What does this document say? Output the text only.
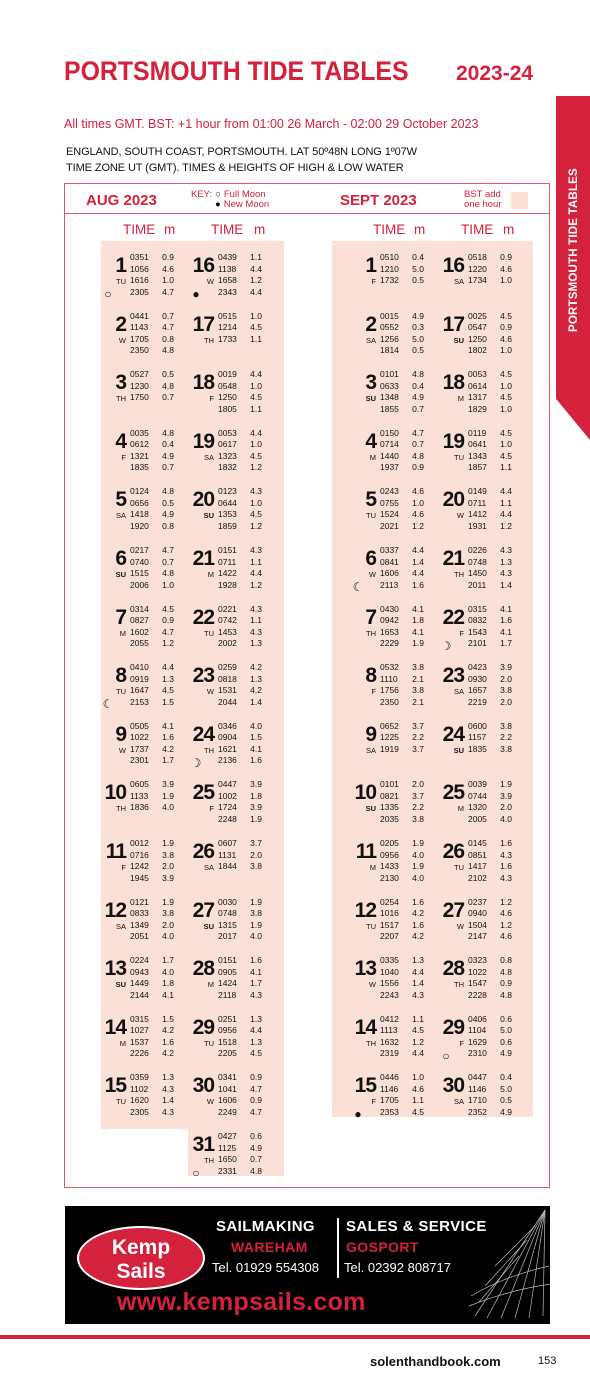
PORTSMOUTH TIDE TABLES 2023-24
All times GMT. BST: +1 hour from 01:00 26 March - 02:00 29 October 2023
ENGLAND, SOUTH COAST, PORTSMOUTH. LAT 50º48N LONG 1º07W
TIME ZONE UT (GMT). TIMES & HEIGHTS OF HIGH & LOW WATER
PORTSMOUTH TIDE TABLES
AUG 2023	SEPT 2023
KEY: ○ Full Moon
● New Moon
BST add
one hour
TIME m	TIME m	TIME m	TIME m
1
TU
○
0351 0.9
1056 4.6
1616 1.0
2305 4.7
2
W
0441 0.7
1143 4.7
1705 0.8
2350 4.8
3
TH
0527 0.5
1230 4.8
1750 0.7
4
F
0035 4.8
0612 0.4
1321 4.9
1835 0.7
5
SA
0124 4.8
0656 0.5
1418 4.9
1920 0.8
6
SU
0217 4.7
0740 0.7
1515 4.8
2006 1.0
7
M
0314 4.5
0827 0.9
1602 4.7
2055 1.2
8
TU
☾
0410 4.4
0919 1.3
1647 4.5
2153 1.5
9
W
0505 4.1
1022 1.6
1737 4.2
2301 1.7
10
TH
0605 3.9
1133 1.9
1836 4.0
11
F
0012 1.9
0716 3.8
1242 2.0
1945 3.9
12
SA
0121 1.9
0833 3.8
1349 2.0
2051 4.0
13
SU
0224 1.7
0943 4.0
1449 1.8
2144 4.1
14
M
0315 1.5
1027 4.2
1537 1.6
2226 4.2
15
TU
0359 1.3
1102 4.3
1620 1.4
2305 4.3
16
W
●
0439 1.1
1138 4.4
1658 1.2
2343 4.4
17
TH
0515 1.0
1214 4.5
1733 1.1
18
F
0019 4.4
0548 1.0
1250 4.5
1805 1.1
19
SA
0053 4.4
0617 1.0
1323 4.5
1832 1.2
20
SU
0123 4.3
0644 1.0
1353 4.5
1859 1.2
21
M
0151 4.3
0711 1.1
1422 4.4
1928 1.2
22
TU
0221 4.3
0742 1.1
1453 4.3
2002 1.3
23
W
0259 4.2
0818 1.3
1531 4.2
2044 1.4
24
TH
☽
0346 4.0
0904 1.5
1621 4.1
2136 1.6
25
F
0447 3.9
1002 1.8
1724 3.9
2248 1.9
26
SA
0607 3.7
1131 2.0
1844 3.8
27
SU
0030 1.9
0748 3.8
1315 1.9
2017 4.0
28
M
0151 1.6
0905 4.1
1424 1.7
2118 4.3
29
TU
0251 1.3
0956 4.4
1518 1.3
2205 4.5
30
W
0341 0.9
1041 4.7
1606 0.9
2249 4.7
31
TH
○
0427 0.6
1125 4.9
1650 0.7
2331 4.8
1
F
0510 0.4
1210 5.0
1732 0.5
2
SA
0015 4.9
0552 0.3
1256 5.0
1814 0.5
3
SU
0101 4.8
0633 0.4
1348 4.9
1855 0.7
4
M
0150 4.7
0714 0.7
1440 4.8
1937 0.9
5
TU
0243 4.6
0755 1.0
1524 4.6
2021 1.2
6
W
☾
0337 4.4
0841 1.4
1606 4.4
2113 1.6
7
TH
0430 4.1
0942 1.8
1653 4.1
2229 1.9
8
F
0532 3.8
1110 2.1
1756 3.8
2350 2.1
9
SA
0652 3.7
1225 2.2
1919 3.7
10
SU
0101 2.0
0821 3.7
1335 2.2
2035 3.8
11
M
0205 1.9
0956 4.0
1433 1.9
2130 4.0
12
TU
0254 1.6
1016 4.2
1517 1.6
2207 4.2
13
W
0335 1.3
1040 4.4
1556 1.4
2243 4.3
14
TH
0412 1.1
1113 4.5
1632 1.2
2319 4.4
15
F
●
0446 1.0
1146 4.6
1705 1.1
2353 4.5
16
SA
0518 0.9
1220 4.6
1734 1.0
17
SU
0025 4.5
0547 0.9
1250 4.6
1802 1.0
18
M
0053 4.5
0614 1.0
1317 4.5
1829 1.0
19
TU
0119 4.5
0641 1.0
1343 4.5
1857 1.1
20
W
0149 4.4
0711 1.1
1412 4.4
1931 1.2
21
TH
0226 4.3
0748 1.3
1450 4.3
2011 1.4
22
F
☽
0315 4.1
0832 1.6
1543 4.1
2101 1.7
23
SA
0423 3.9
0930 2.0
1657 3.8
2219 2.0
24
SU
0600 3.8
1157 2.2
1835 3.8
25
M
0039 1.9
0744 3.9
1320 2.0
2005 4.0
26
TU
0145 1.6
0851 4.3
1417 1.6
2102 4.3
27
W
0237 1.2
0940 4.6
1504 1.2
2147 4.6
28
TH
0323 0.8
1022 4.8
1547 0.9
2228 4.8
29
F
○
0406 0.6
1104 5.0
1629 0.6
2310 4.9
30
SA
0447 0.4
1146 5.0
1710 0.5
2352 4.9
Kemp
Sails
SAILMAKING
WAREHAM
SALES & SERVICE
GOSPORT
Tel. 01929 554308 Tel. 02392 808717
www.kempsails.com
solenthandbook.com	153
